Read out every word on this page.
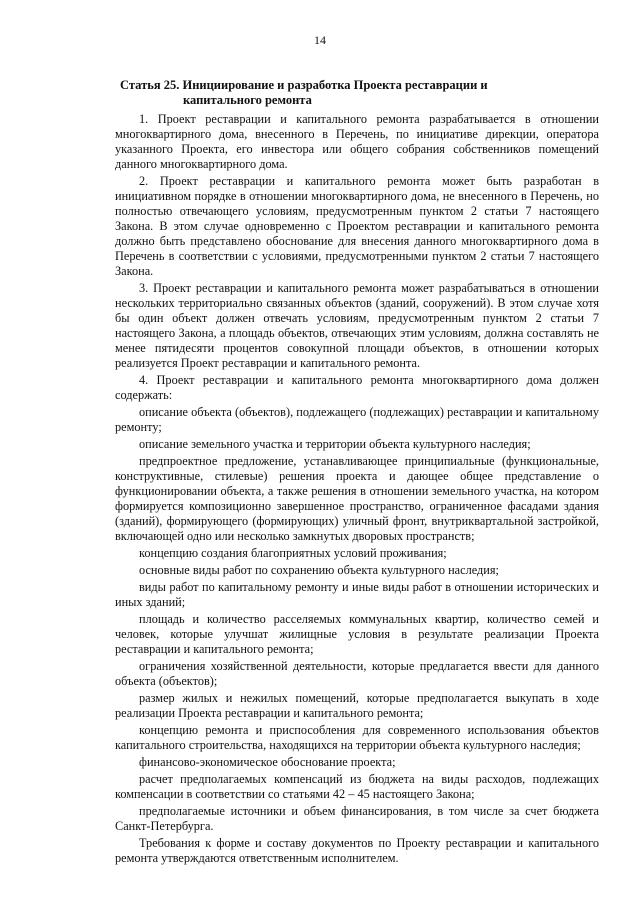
14
Статья 25. Инициирование и разработка Проекта реставрации и
капитального ремонта

1. Проект реставрации и капитального ремонта разрабатывается в отношении многоквартирного дома, внесенного в Перечень, по инициативе дирекции, оператора указанного Проекта, его инвестора или общего собрания собственников помещений данного многоквартирного дома.

2. Проект реставрации и капитального ремонта может быть разработан в инициативном порядке в отношении многоквартирного дома, не внесенного в Перечень, но полностью отвечающего условиям, предусмотренным пунктом 2 статьи 7 настоящего Закона. В этом случае одновременно с Проектом реставрации и капитального ремонта должно быть представлено обоснование для внесения данного многоквартирного дома в Перечень в соответствии с условиями, предусмотренными пунктом 2 статьи 7 настоящего Закона.

3. Проект реставрации и капитального ремонта может разрабатываться в отношении нескольких территориально связанных объектов (зданий, сооружений). В этом случае хотя бы один объект должен отвечать условиям, предусмотренным пунктом 2 статьи 7 настоящего Закона, а площадь объектов, отвечающих этим условиям, должна составлять не менее пятидесяти процентов совокупной площади объектов, в отношении которых реализуется Проект реставрации и капитального ремонта.

4. Проект реставрации и капитального ремонта многоквартирного дома должен содержать:

описание объекта (объектов), подлежащего (подлежащих) реставрации и капитальному ремонту;

описание земельного участка и территории объекта культурного наследия;

предпроектное предложение, устанавливающее принципиальные (функциональные, конструктивные, стилевые) решения проекта и дающее общее представление о функционировании объекта, а также решения в отношении земельного участка, на котором формируется композиционно завершенное пространство, ограниченное фасадами здания (зданий), формирующего (формирующих) уличный фронт, внутриквартальной застройкой, включающей одно или несколько замкнутых дворовых пространств;

концепцию создания благоприятных условий проживания;

основные виды работ по сохранению объекта культурного наследия;

виды работ по капитальному ремонту и иные виды работ в отношении исторических и иных зданий;

площадь и количество расселяемых коммунальных квартир, количество семей и человек, которые улучшат жилищные условия в результате реализации Проекта реставрации и капитального ремонта;

ограничения хозяйственной деятельности, которые предлагается ввести для данного объекта (объектов);

размер жилых и нежилых помещений, которые предполагается выкупать в ходе реализации Проекта реставрации и капитального ремонта;

концепцию ремонта и приспособления для современного использования объектов капитального строительства, находящихся на территории объекта культурного наследия;

финансово-экономическое обоснование проекта;

расчет предполагаемых компенсаций из бюджета на виды расходов, подлежащих компенсации в соответствии со статьями 42 – 45 настоящего Закона;

предполагаемые источники и объем финансирования, в том числе за счет бюджета Санкт-Петербурга.

Требования к форме и составу документов по Проекту реставрации и капитального ремонта утверждаются ответственным исполнителем.
